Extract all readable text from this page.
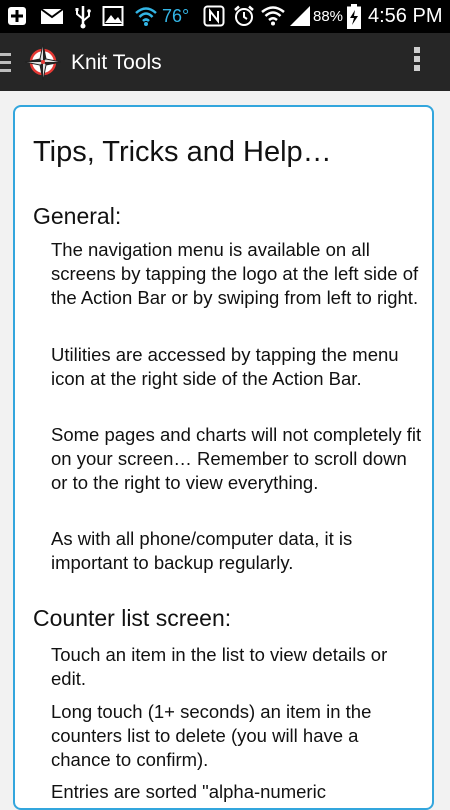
76°	88% 4:56 PM
Knit Tools
Tips, Tricks and Help…
General:

The navigation menu is available on all screens by tapping the logo at the left side of the Action Bar or by swiping from left to right.

Utilities are accessed by tapping the menu icon at the right side of the Action Bar.

Some pages and charts will not completely fit on your screen… Remember to scroll down or to the right to view everything.

As with all phone/computer data, it is important to backup regularly.

Counter list screen:

Touch an item in the list to view details or edit.

Long touch (1+ seconds) an item in the counters list to delete (you will have a chance to confirm).

Entries are sorted "alpha-numeric
